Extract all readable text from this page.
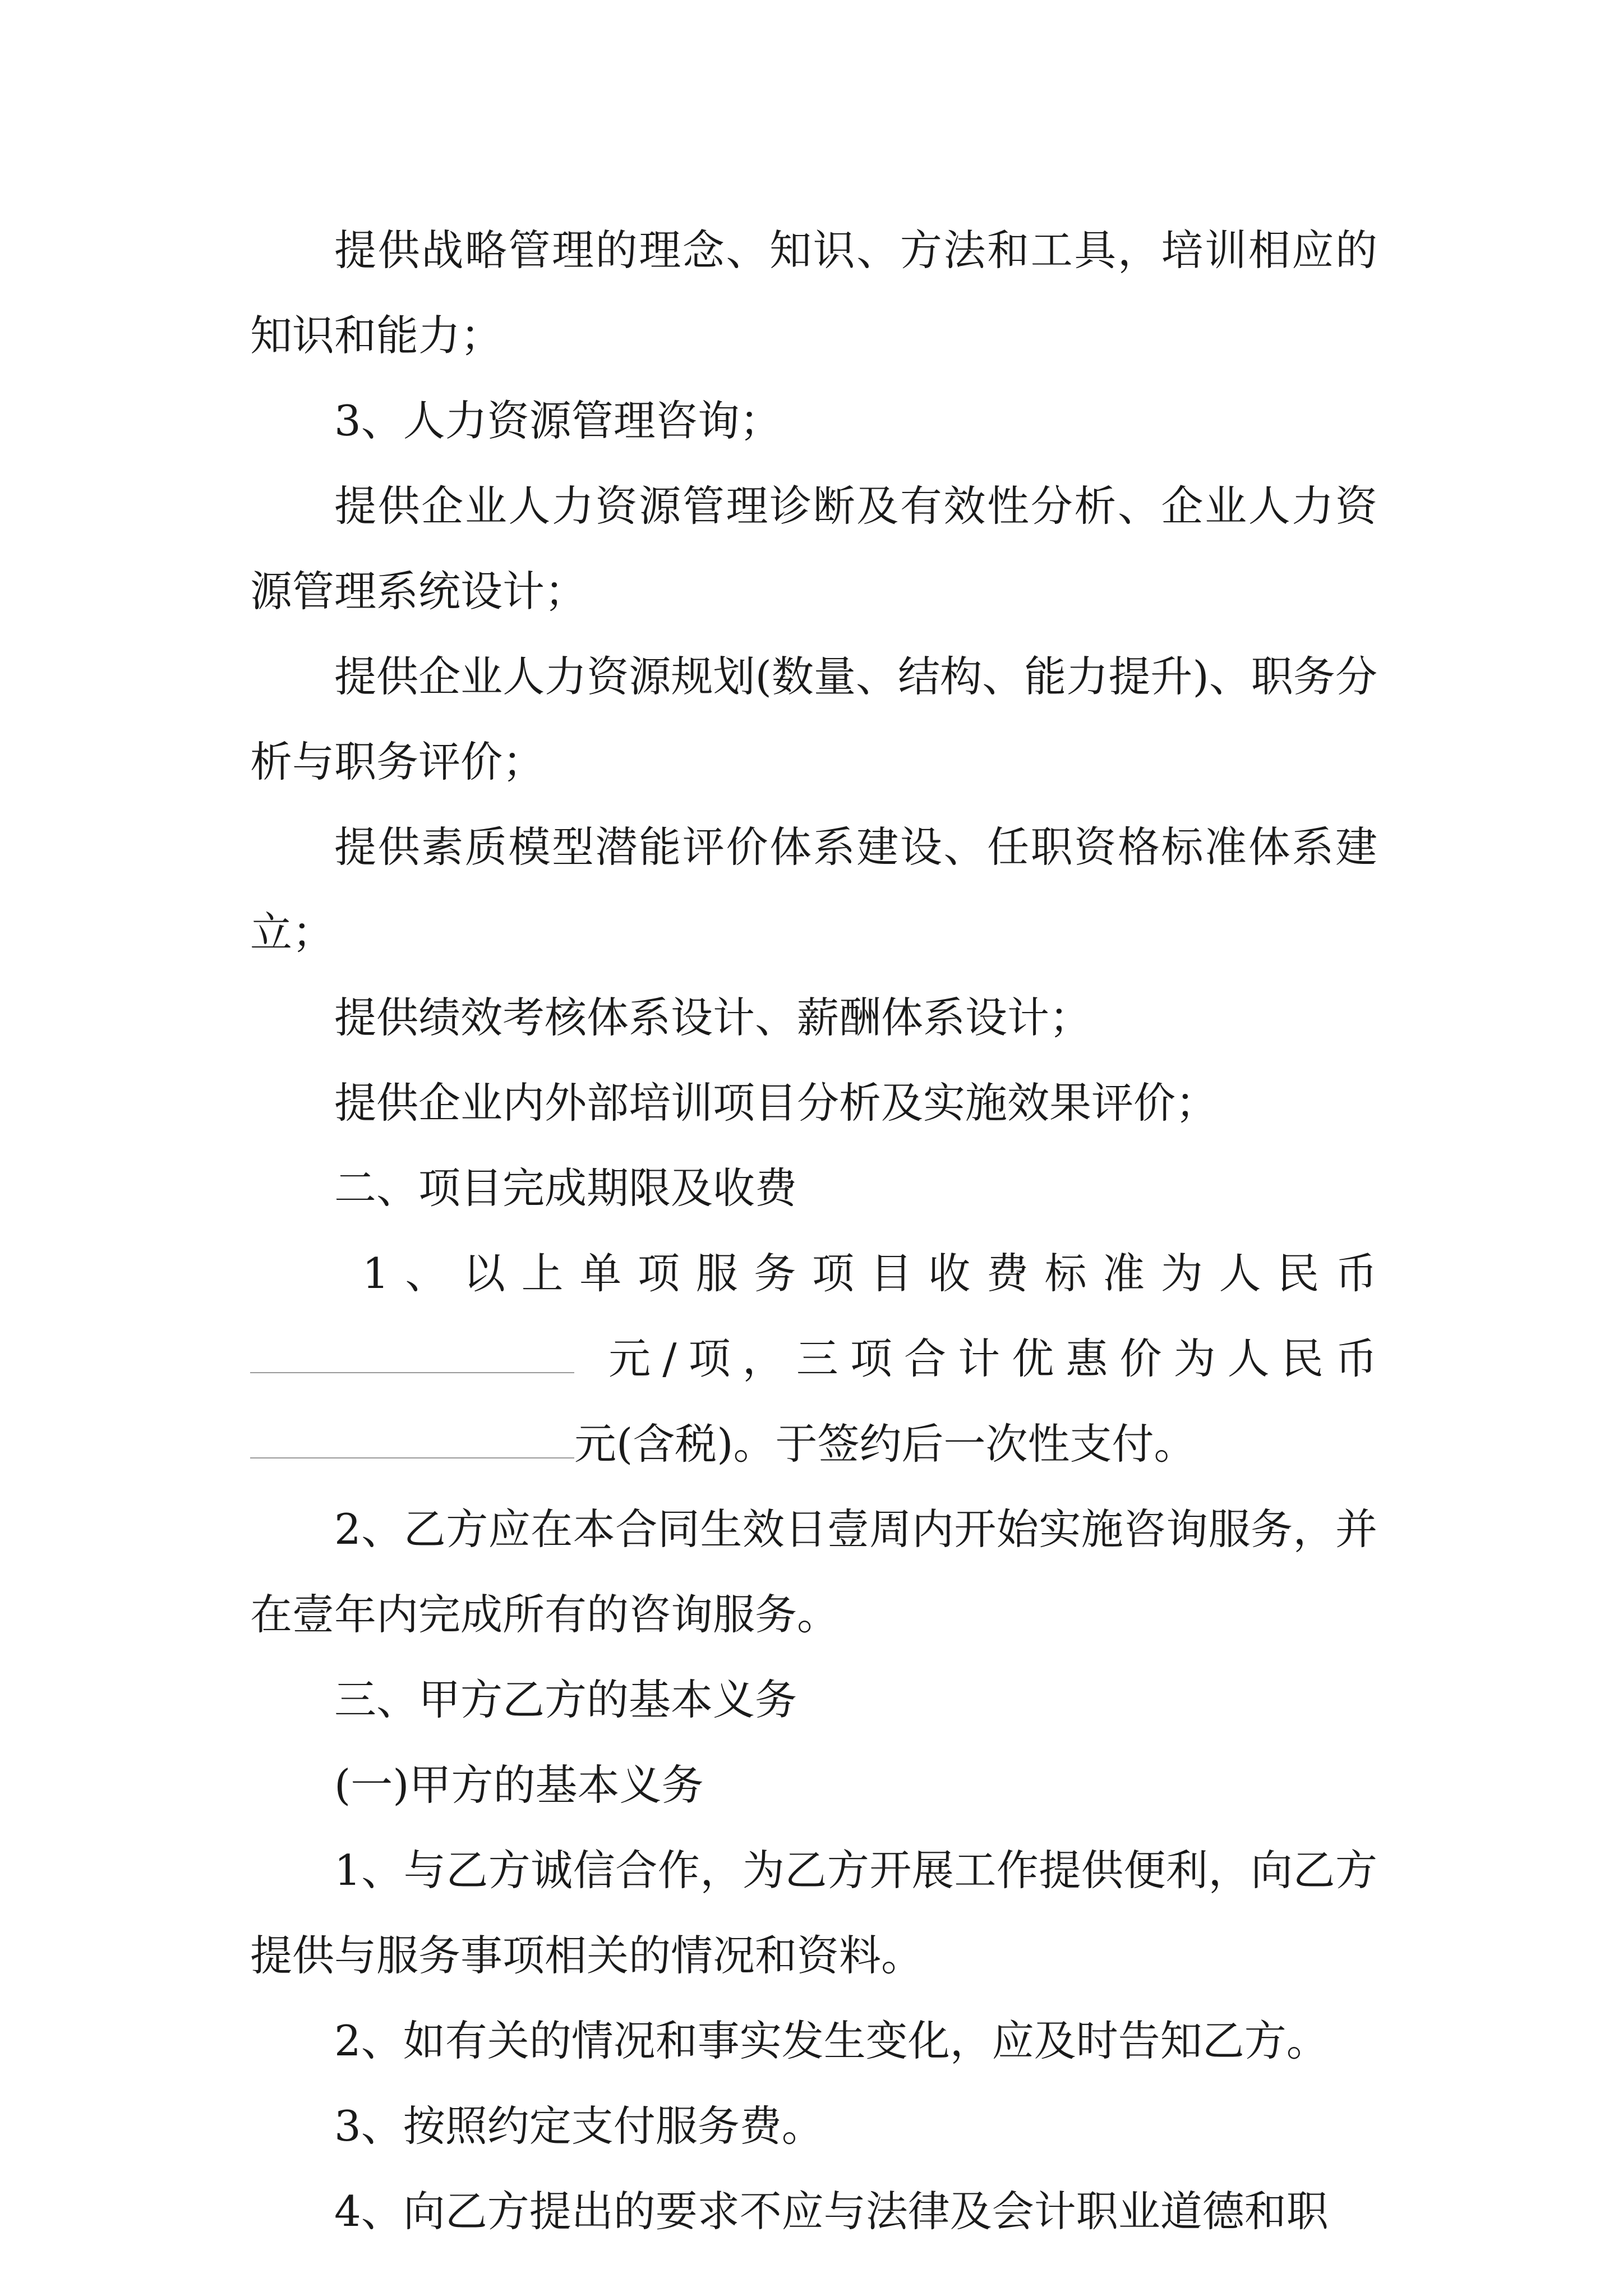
提供战略管理的理念、知识、方法和工具，培训相应的知识和能力；

3、人力资源管理咨询；

提供企业人力资源管理诊断及有效性分析、企业人力资源管理系统设计；

提供企业人力资源规划(数量、结构、能力提升)、职务分析与职务评价；

提供素质模型潜能评价体系建设、任职资格标准体系建立；

提供绩效考核体系设计、薪酬体系设计；

提供企业内外部培训项目分析及实施效果评价；

二、项目完成期限及收费

1 、 以 上 单 项 服 务 项 目 收 费 标 准 为 人 民 币
元 / 项 ， 三 项 合 计 优 惠 价 为 人 民 币
元(含税)。于签约后一次性支付。

2、乙方应在本合同生效日壹周内开始实施咨询服务，并在壹年内完成所有的咨询服务。

三、甲方乙方的基本义务

(一)甲方的基本义务

1、与乙方诚信合作，为乙方开展工作提供便利，向乙方提供与服务事项相关的情况和资料。

2、如有关的情况和事实发生变化，应及时告知乙方。

3、按照约定支付服务费。

4、向乙方提出的要求不应与法律及会计职业道德和职
